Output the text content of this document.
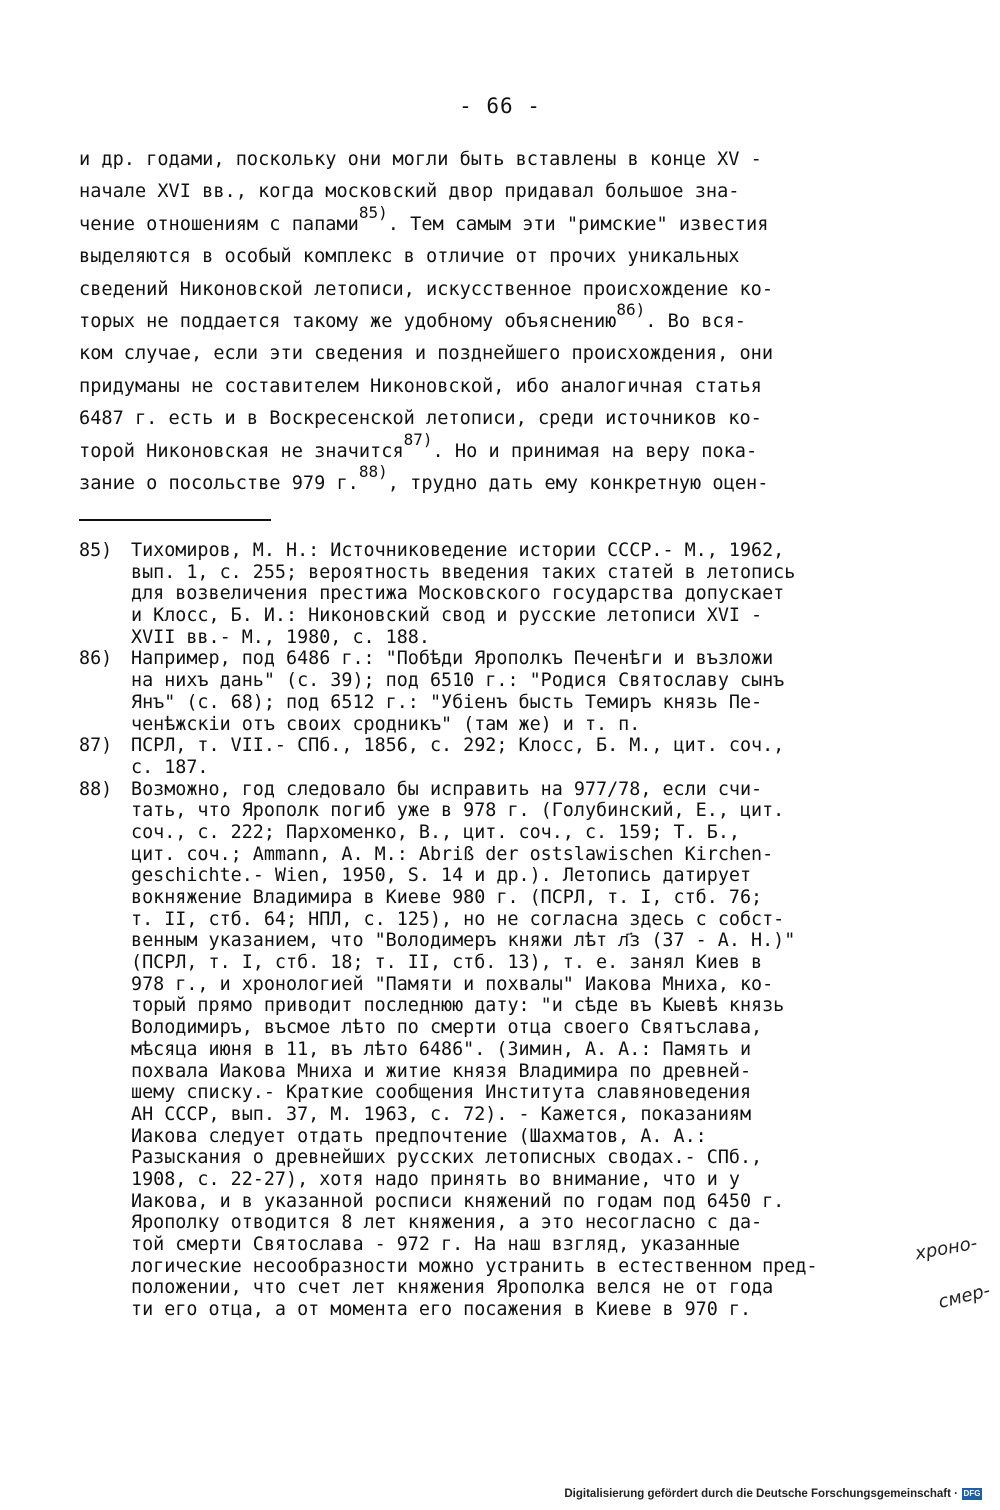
- 66 -
и др. годами, поскольку они могли быть вставлены в конце XV -
начале XVI вв., когда московский двор придавал большое зна-
чение отношениям с папами85). Тем самым эти "римские" известия
выделяются в особый комплекс в отличие от прочих уникальных
сведений Никоновской летописи, искусственное происхождение ко-
торых не поддается такому же удобному объяснению86). Во вся-
ком случае, если эти сведения и позднейшего происхождения, они
придуманы не составителем Никоновской, ибо аналогичная статья
6487 г. есть и в Воскресенской летописи, среди источников ко-
торой Никоновская не значится87). Но и принимая на веру пока-
зание о посольстве 979 г.88), трудно дать ему конкретную оцен-
85)	Тихомиров, М. Н.: Источниковедение истории СССР.- М., 1962,
вып. 1, с. 255; вероятность введения таких статей в летопись
для возвеличения престижа Московского государства допускает
и Клосс, Б. И.: Никоновский свод и русские летописи XVI -
XVII вв.- М., 1980, с. 188.
86)	Например, под 6486 г.: "Побѣди Ярополкъ Печенѣги и възложи
на нихъ дань" (с. 39); под 6510 г.: "Родися Святославу сынъ
Янъ" (с. 68); под 6512 г.: "Убіенъ бысть Темиръ князь Пе-
ченѣжскіи отъ своих сродникъ" (там же) и т. п.
87)	ПСРЛ, т. VII.- СПб., 1856, с. 292; Клосс, Б. М., цит. соч.,
с. 187.
88)	Возможно, год следовало бы исправить на 977/78, если счи-
тать, что Ярополк погиб уже в 978 г. (Голубинский, Е., цит.
соч., с. 222; Пархоменко, В., цит. соч., с. 159; Т. Б.,
цит. соч.; Ammann, A. M.: Abriß der ostslawischen Kirchen-
geschichte.- Wien, 1950, S. 14 и др.). Летопись датирует
вокняжение Владимира в Киеве 980 г. (ПСРЛ, т. I, стб. 76;
т. II, стб. 64; НПЛ, с. 125), но не согласна здесь с собст-
венным указанием, что "Володимеръ княжи лѣт л҃з (37 - А. Н.)"
(ПСРЛ, т. I, стб. 18; т. II, стб. 13), т. е. занял Киев в
978 г., и хронологией "Памяти и похвалы" Иакова Мниха, ко-
торый прямо приводит последнюю дату: "и сѣде въ Кыевѣ князь
Володимиръ, въсмое лѣто по смерти отца своего Святъслава,
мѣсяца июня в 11, въ лѣто 6486". (Зимин, А. А.: Память и
похвала Иакова Мниха и житие князя Владимира по древней-
шему списку.- Краткие сообщения Института славяноведения
АН СССР, вып. 37, М. 1963, с. 72). - Кажется, показаниям
Иакова следует отдать предпочтение (Шахматов, А. А.:
Разыскания о древнейших русских летописных сводах.- СПб.,
1908, с. 22-27), хотя надо принять во внимание, что и у
Иакова, и в указанной росписи княжений по годам под 6450 г.
Ярополку отводится 8 лет княжения, а это несогласно с да-
той смерти Святослава - 972 г. На наш взгляд, указанные
логические несообразности можно устранить в естественном пред-
положении, что счет лет княжения Ярополка велся не от года
ти его отца, а от момента его посажения в Киеве в 970 г.
хроно-
смер-
Digitalisierung gefördert durch die Deutsche Forschungsgemeinschaft · DFG
